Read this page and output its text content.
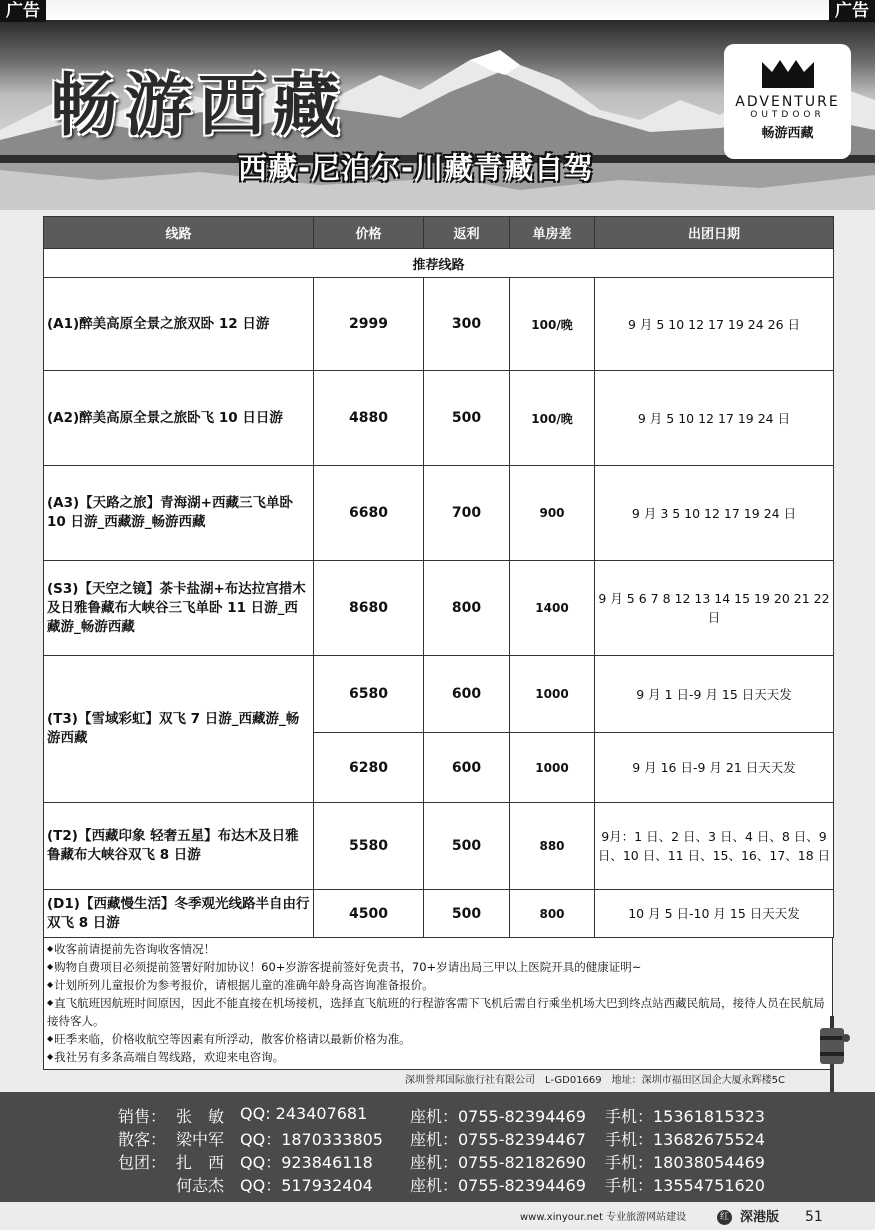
广告	广告
畅游西藏
西藏-尼泊尔-川藏青藏自驾
ADVENTURE
OUTDOOR
畅游西藏
线路	价格	返利	单房差	出团日期
推荐线路				
(A1)醉美高原全景之旅双卧 12 日游	2999	300	100/晚	9 月 5 10 12 17 19 24 26 日
(A2)醉美高原全景之旅卧飞 10 日日游	4880	500	100/晚	9 月 5 10 12 17 19 24 日
(A3)【天路之旅】青海湖+西藏三飞单卧 10 日游_西藏游_畅游西藏	6680	700	900	9 月 3 5 10 12 17 19 24 日
(S3)【天空之镜】茶卡盐湖+布达拉宫措木及日雅鲁藏布大峡谷三飞单卧 11 日游_西藏游_畅游西藏	8680	800	1400	9 月 5 6 7 8 12 13 14 15 19 20 21 22 日
(T3)【雪域彩虹】双飞 7 日游_西藏游_畅游西藏	6580	600	1000	9 月 1 日-9 月 15 日天天发
	6280	600	1000	9 月 16 日-9 月 21 日天天发
(T2)【西藏印象 轻奢五星】布达木及日雅鲁藏布大峡谷双飞 8 日游	5580	500	880	9月：1 日、2 日、3 日、4 日、8 日、9 日、10 日、11 日、15、16、17、18 日
(D1)【西藏慢生活】冬季观光线路半自由行双飞 8 日游	4500	500	800	10 月 5 日-10 月 15 日天天发
◆ 收客前请提前先咨询收客情况！
◆ 购物自费项目必须提前签署好附加协议！60+岁游客提前签好免责书，70+岁请出局三甲以上医院开具的健康证明~
◆ 计划所列儿童报价为参考报价，请根据儿童的准确年龄身高咨询准备报价。
◆ 直飞航班因航班时间原因，因此不能直接在机场接机，选择直飞航班的行程游客需下飞机后需自行乘坐机场大巴到终点站西藏民航局，接待人员在民航局接待客人。
◆ 旺季来临，价格收航空等因素有所浮动，散客价格请以最新价格为准。
◆ 我社另有多条高端自驾线路，欢迎来电咨询。
深圳誉邦国际旅行社有限公司　L-GD01669　地址：深圳市福田区国企大厦永辉楼5C
销售： 张　敏 QQ: 243407681	座机：0755-82394469 手机：15361815323
散客： 梁中军 QQ：1870333805 座机：0755-82394467 手机：13682675524
包团： 扎　西 QQ：923846118 座机：0755-82182690 手机：18038054469
何志杰 QQ：517932404 座机：0755-82394469 手机：13554751620
www.xinyour.net 专业旅游网站建设	红 深港版 51
